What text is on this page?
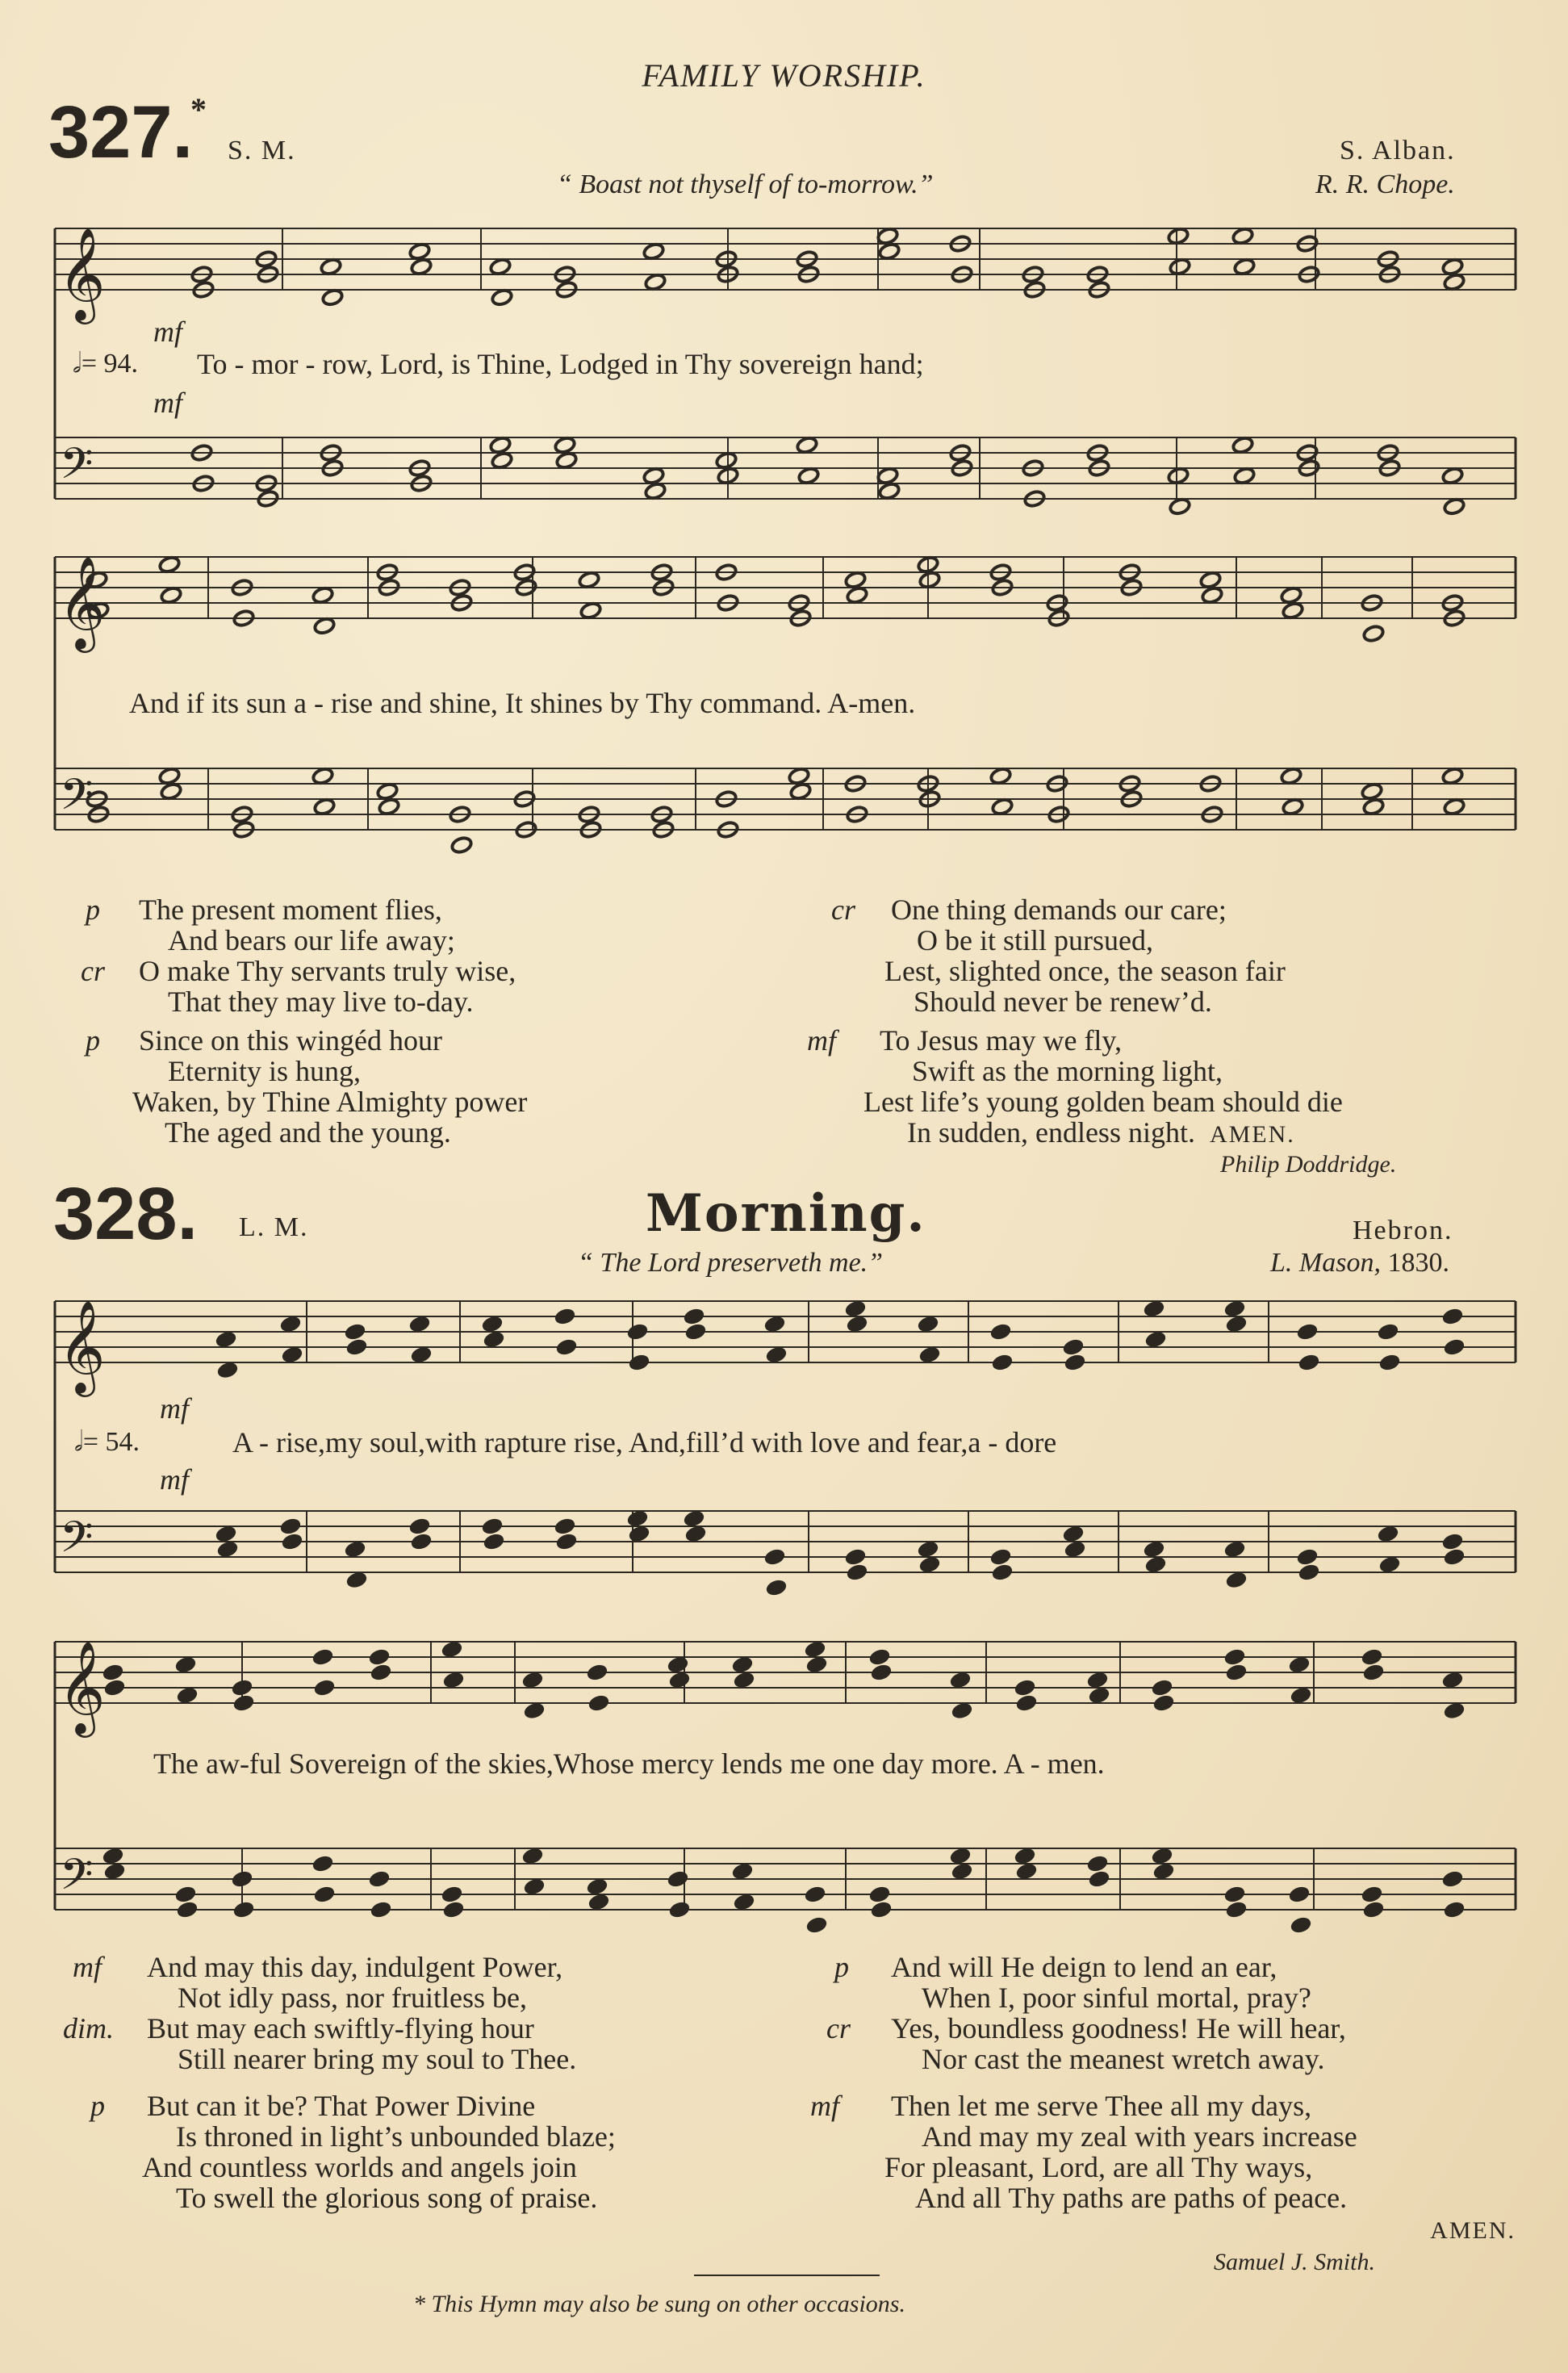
FAMILY WORSHIP.
327.
*
S. M.	S. Alban.
“ Boast not thyself of to-morrow.”	R. R. Chope.
𝄞
𝄢
𝄞
𝄢
𝄞
𝄢
𝄞
𝄢
mf
𝅗𝅥= 94. To - mor - row, Lord, is Thine, Lodged in Thy sovereign hand;
mf
And if its sun a - rise and shine, It shines by Thy command. A-men.
p The present moment flies,
And bears our life away;
cr O make Thy servants truly wise,
That they may live to-day.
p Since on this wingéd hour
Eternity is hung,
Waken, by Thine Almighty power
The aged and the young.
cr One thing demands our care;
O be it still pursued,
Lest, slighted once, the season fair
Should never be renew’d.
mf To Jesus may we fly,
Swift as the morning light,
Lest life’s young golden beam should die
In sudden, endless night. AMEN.
Philip Doddridge.
328. L. M.	Morning.	Hebron.
“ The Lord preserveth me.”	L. Mason, 1830.
mf
𝅗𝅥= 54.	A - rise,my soul,with rapture rise, And,fill’d with love and fear,a - dore
mf
The aw-ful Sovereign of the skies,Whose mercy lends me one day more. A - men.
mf And may this day, indulgent Power,
Not idly pass, nor fruitless be,
dim. But may each swiftly-flying hour
Still nearer bring my soul to Thee.
p But can it be? That Power Divine
Is throned in light’s unbounded blaze;
And countless worlds and angels join
To swell the glorious song of praise.
p And will He deign to lend an ear,
When I, poor sinful mortal, pray?
cr Yes, boundless goodness! He will hear,
Nor cast the meanest wretch away.
mf Then let me serve Thee all my days,
And may my zeal with years increase
For pleasant, Lord, are all Thy ways,
And all Thy paths are paths of peace.
AMEN.
Samuel J. Smith.
* This Hymn may also be sung on other occasions.
